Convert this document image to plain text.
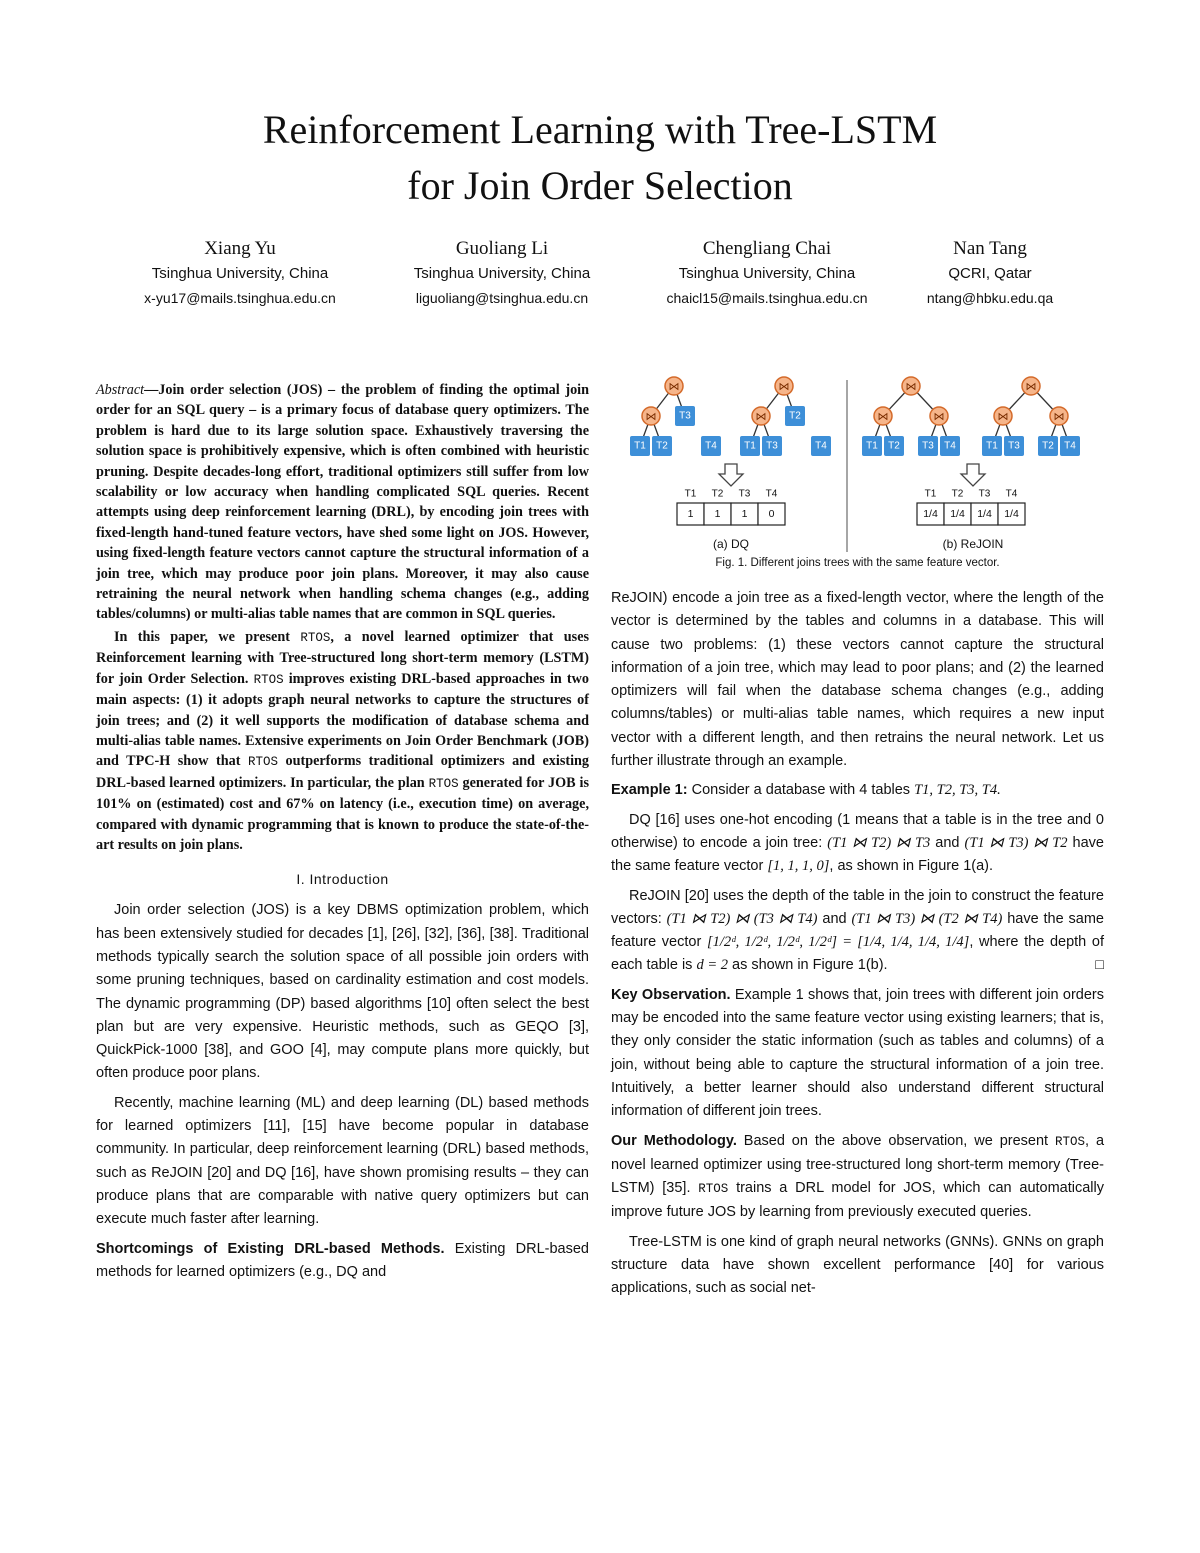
Reinforcement Learning with Tree-LSTM
for Join Order Selection
Xiang Yu
Tsinghua University, China
x-yu17@mails.tsinghua.edu.cn
Guoliang Li
Tsinghua University, China
liguoliang@tsinghua.edu.cn
Chengliang Chai
Tsinghua University, China
chaicl15@mails.tsinghua.edu.cn
Nan Tang
QCRI, Qatar
ntang@hbku.edu.qa

Abstract—Join order selection (JOS) – the problem of finding the optimal join order for an SQL query – is a primary focus of database query optimizers. The problem is hard due to its large solution space. Exhaustively traversing the solution space is prohibitively expensive, which is often combined with heuristic pruning. Despite decades-long effort, traditional optimizers still suffer from low scalability or low accuracy when handling complicated SQL queries. Recent attempts using deep reinforcement learning (DRL), by encoding join trees with fixed-length hand-tuned feature vectors, have shed some light on JOS. However, using fixed-length feature vectors cannot capture the structural information of a join tree, which may produce poor join plans. Moreover, it may also cause retraining the neural network when handling schema changes (e.g., adding tables/columns) or multi-alias table names that are common in SQL queries.

In this paper, we present RTOS, a novel learned optimizer that uses Reinforcement learning with Tree-structured long short-term memory (LSTM) for join Order Selection. RTOS improves existing DRL-based approaches in two main aspects: (1) it adopts graph neural networks to capture the structures of join trees; and (2) it well supports the modification of database schema and multi-alias table names. Extensive experiments on Join Order Benchmark (JOB) and TPC-H show that RTOS outperforms traditional optimizers and existing DRL-based learned optimizers. In particular, the plan RTOS generated for JOB is 101% on (estimated) cost and 67% on latency (i.e., execution time) on average, compared with dynamic programming that is known to produce the state-of-the-art results on join plans.

I. Introduction

Join order selection (JOS) is a key DBMS optimization problem, which has been extensively studied for decades [1], [26], [32], [36], [38]. Traditional methods typically search the solution space of all possible join orders with some pruning techniques, based on cardinality estimation and cost models. The dynamic programming (DP) based algorithms [10] often select the best plan but are very expensive. Heuristic methods, such as GEQO [3], QuickPick-1000 [38], and GOO [4], may compute plans more quickly, but often produce poor plans.

Recently, machine learning (ML) and deep learning (DL) based methods for learned optimizers [11], [15] have become popular in database community. In particular, deep reinforcement learning (DRL) based methods, such as ReJOIN [20] and DQ [16], have shown promising results – they can produce plans that are comparable with native query optimizers but can execute much faster after learning.

Shortcomings of Existing DRL-based Methods. Existing DRL-based methods for learned optimizers (e.g., DQ and

⋈
⋈
T1 T2
T3
T4
⋈
⋈
T1 T3
T2
T4
⋈
⋈	⋈
T1 T2 T3 T4
⋈
⋈	⋈
T1 T3 T2 T4
T1 T2 T3 T4
1 1 1 0
T1 T2 T3 T4
1/4 1/4 1/4 1/4
(a) DQ	(b) ReJOIN
Fig. 1. Different joins trees with the same feature vector.

ReJOIN) encode a join tree as a fixed-length vector, where the length of the vector is determined by the tables and columns in a database. This will cause two problems: (1) these vectors cannot capture the structural information of a join tree, which may lead to poor plans; and (2) the learned optimizers will fail when the database schema changes (e.g., adding columns/tables) or multi-alias table names, which requires a new input vector with a different length, and then retrains the neural network. Let us further illustrate through an example.

Example 1: Consider a database with 4 tables T1, T2, T3, T4.

DQ [16] uses one-hot encoding (1 means that a table is in the tree and 0 otherwise) to encode a join tree: (T1 ⋈ T2) ⋈ T3 and (T1 ⋈ T3) ⋈ T2 have the same feature vector [1, 1, 1, 0], as shown in Figure 1(a).

ReJOIN [20] uses the depth of the table in the join to construct the feature vectors: (T1 ⋈ T2) ⋈ (T3 ⋈ T4) and (T1 ⋈ T3) ⋈ (T2 ⋈ T4) have the same feature vector [1/2ᵈ, 1/2ᵈ, 1/2ᵈ, 1/2ᵈ] = [1/4, 1/4, 1/4, 1/4], where the depth of each table is d = 2 as shown in Figure 1(b).	□

Key Observation. Example 1 shows that, join trees with different join orders may be encoded into the same feature vector using existing learners; that is, they only consider the static information (such as tables and columns) of a join, without being able to capture the structural information of a join tree. Intuitively, a better learner should also understand different structural information of different join trees.

Our Methodology. Based on the above observation, we present RTOS, a novel learned optimizer using tree-structured long short-term memory (Tree-LSTM) [35]. RTOS trains a DRL model for JOS, which can automatically improve future JOS by learning from previously executed queries.

Tree-LSTM is one kind of graph neural networks (GNNs). GNNs on graph structure data have shown excellent performance [40] for various applications, such as social net-
